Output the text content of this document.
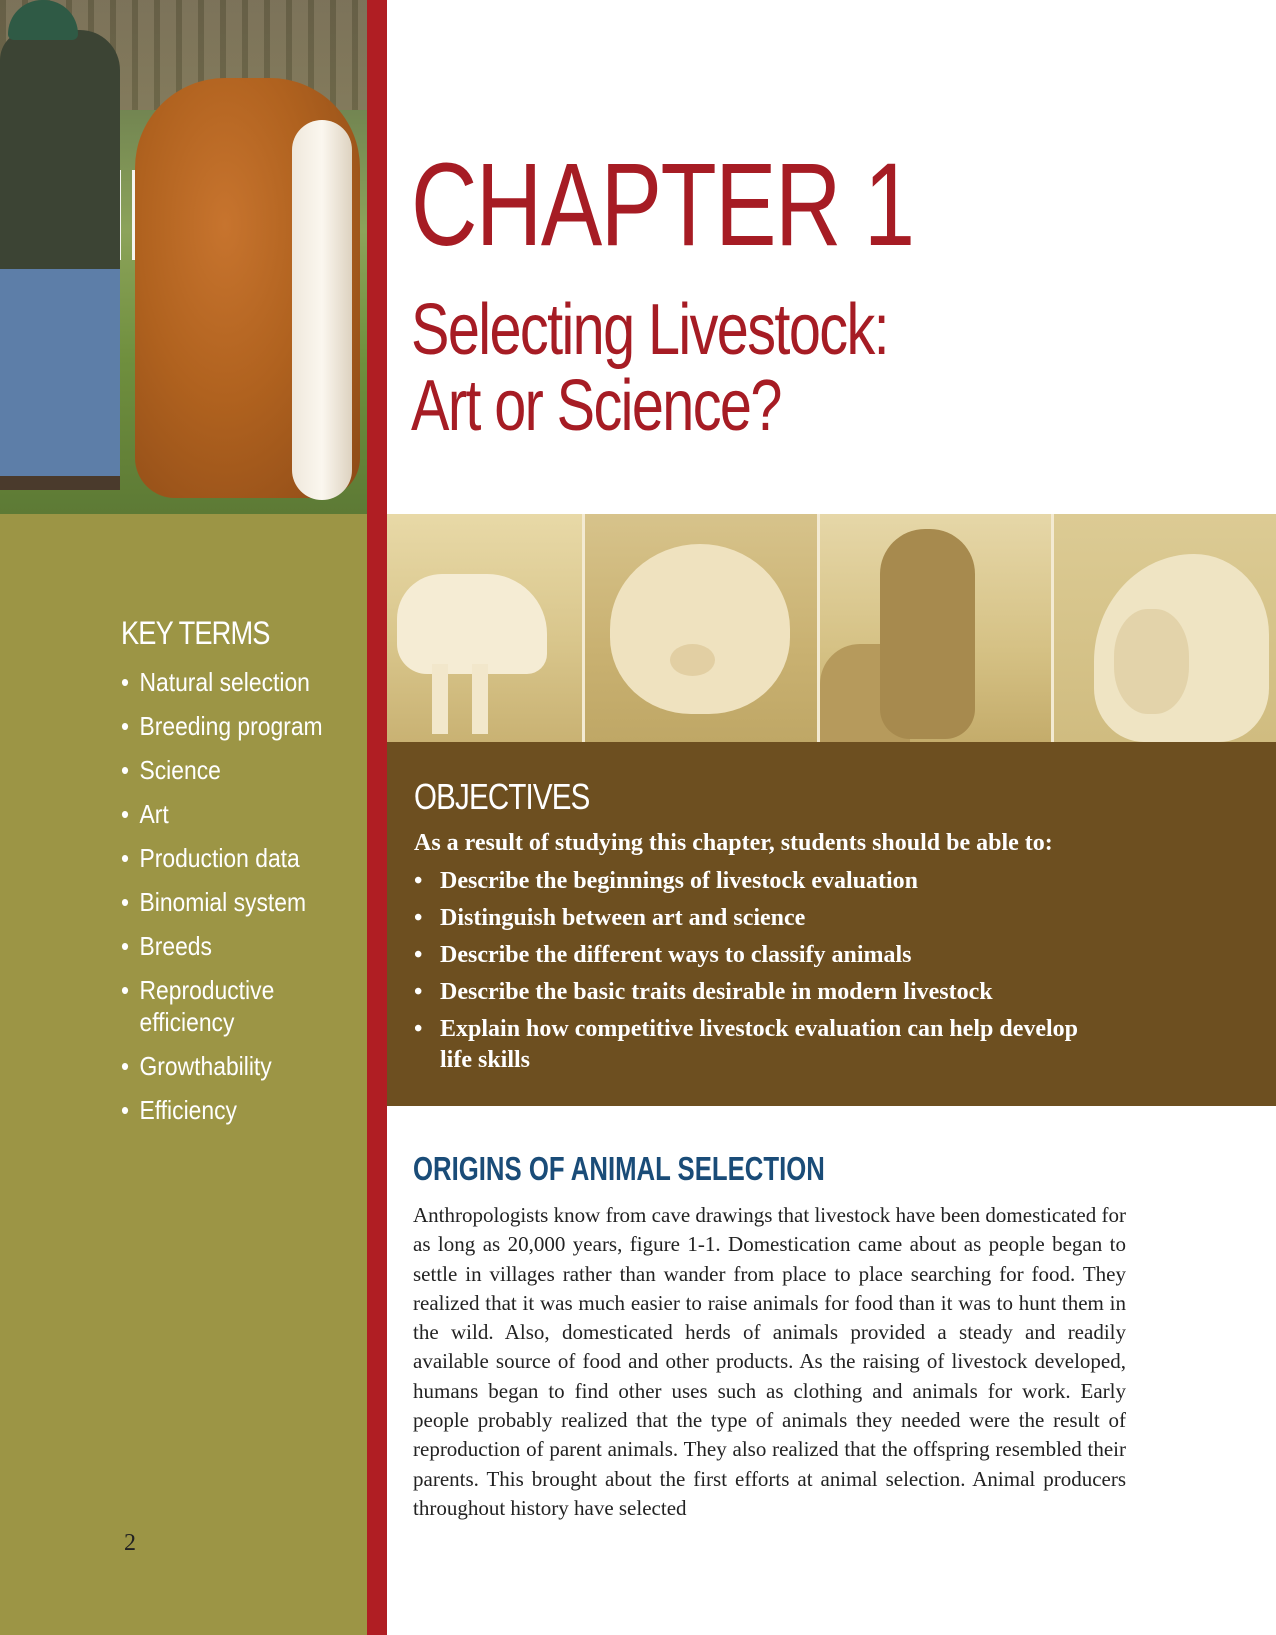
KEY TERMS
• Natural selection
• Breeding program
• Science
• Art
• Production data
• Binomial system
• Breeds
• Reproductive efficiency
• Growthability
• Efficiency
2
CHAPTER 1
Selecting Livestock:
Art or Science?
OBJECTIVES

As a result of studying this chapter, students should be able to:

• Describe the beginnings of livestock evaluation
• Distinguish between art and science
• Describe the different ways to classify animals
• Describe the basic traits desirable in modern livestock
• Explain how competitive livestock evaluation can help develop life skills
ORIGINS OF ANIMAL SELECTION

Anthropologists know from cave drawings that livestock have been domesticated for as long as 20,000 years, figure 1-1. Domestication came about as people began to settle in villages rather than wander from place to place searching for food. They realized that it was much easier to raise animals for food than it was to hunt them in the wild. Also, domesticated herds of animals provided a steady and readily available source of food and other products. As the raising of livestock developed, humans began to find other uses such as clothing and animals for work. Early people probably realized that the type of animals they needed were the result of reproduction of parent animals. They also realized that the offspring resembled their parents. This brought about the first efforts at animal selection. Animal producers throughout history have selected
